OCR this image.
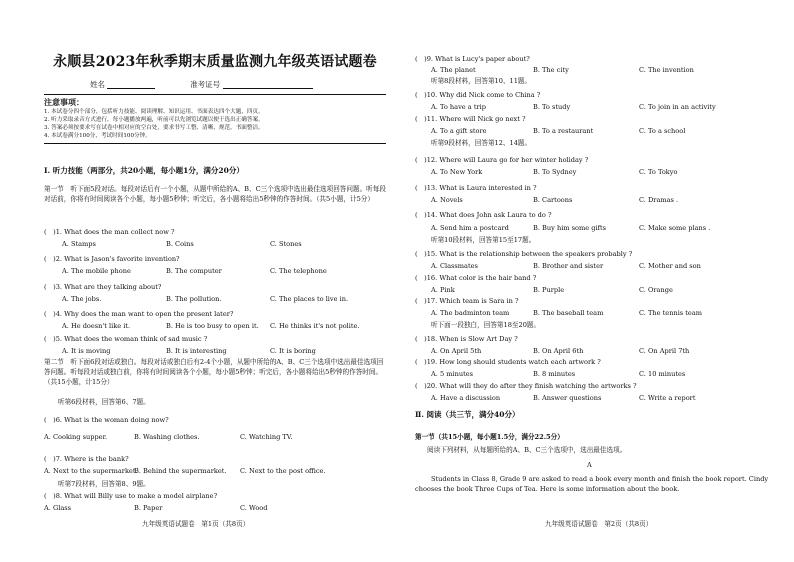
永顺县2023年秋季期末质量监测九年级英语试题卷
姓名	准考证号
注意事项：
1. 本试卷分四个部分，包括听力技能、阅读理解、知识运用、书面表达四个大题，四页。
2. 听力采取录音方式进行，每小题播放两遍，听前可以先浏览试题以便于选出正确答案。
3. 答案必须按要求写在试卷中相对应的空白处，要求书写工整、清晰、规范，书面整洁。
4. 本试卷满分100分，考试时间100分钟。
Ⅰ. 听力技能（两部分，共20小题，每小题1分，满分20分）
第一节　听下面5段对话。每段对话后有一个小题，从题中所给的A、B、C三个选项中选出最佳选项回答问题。听每段对话前，你将有时间阅读各个小题，每小题5秒钟；听完后，各小题将给出5秒钟的作答时间。（共5小题，计5分）
(　)1. What does the man collect now ?
A. Stamps	B. Coins	C. Stones
(　)2. What is Jason's favorite invention?
A. The mobile phone	B. The computer	C. The telephone
(　)3. What are they talking about?
A. The jobs.	B. The pollution.	C. The places to live in.
(　)4. Why does the man want to open the present later?
A. He doesn't like it.	B. He is too busy to open it. C. He thinks it's not polite.
(　)5. What does the woman think of sad music ?
A. It is moving	B. It is interesting	C. It is boring
第二节　听下面6段对话或独白。每段对话或独白后有2-4个小题，从题中所给的A、B、C三个选项中选出最佳选项回答问题。听每段对话或独白前，你将有时间阅读各个小题，每小题5秒钟；听完后，各小题将给出5秒钟的作答时间。（共15小题，计15分）
听第6段材料，回答第6、7题。
(　)6. What is the woman doing now?
A. Cooking supper.	B. Washing clothes.	C. Watching TV.
(　)7. Where is the bank?
A. Next to the supermarket.
B. Behind the supermarket. C. Next to the post office.
听第7段材料，回答第8、9题。
(　)8. What will Billy use to make a model airplane?
A. Glass	B. Paper	C. Wood
九年级英语试题卷　第1页（共8页）
(　)9. What is Lucy's paper about?
A. The planet	B. The city	C. The invention
听第8段材料，回答第10、11题。
(　)10. Why did Nick come to China ?
A. To have a trip	B. To study	C. To join in an activity
(　)11. Where will Nick go next ?
A. To a gift store	B. To a restaurant	C. To a school
听第9段材料，回答第12、14题。
(　)12. Where will Laura go for her winter holiday ?
A. To New York	B. To Sydney	C. To Tokyo
(　)13. What is Laura interested in ?
A. Novels	B. Cartoons	C. Dramas .
(　)14. What does John ask Laura to do ?
A. Send him a postcard	B. Buy him some gifts	C. Make some plans .
听第10段材料，回答第15至17题。
(　)15. What is the relationship between the speakers probably ?
A. Classmates	B. Brother and sister	C. Mother and son
(　)16. What color is the hair band ?
A. Pink	B. Purple	C. Orange
(　)17. Which team is Sara in ?
A. The badminton team	B. The baseball team	C. The tennis team
听下面一段独白，回答第18至20题。
(　)18. When is Slow Art Day ?
A. On April 5th	B. On April 6th	C. On April 7th
(　)19. How long should students watch each artwork ?
A. 5 minutes	B. 8 minutes	C. 10 minutes
(　)20. What will they do after they finish watching the artworks ?
A. Have a discussion	B. Answer questions	C. Write a report
Ⅱ. 阅读（共三节，满分40分）
第一节（共15小题，每小题1.5分，满分22.5分）
阅读下列材料，从每题所给的A、B、C三个选项中，选出最佳选项。
A
Students in Class 8, Grade 9 are asked to read a book every month and finish the book report. Cindy chooses the book Three Cups of Tea. Here is some information about the book.
九年级英语试题卷　第2页（共8页）
